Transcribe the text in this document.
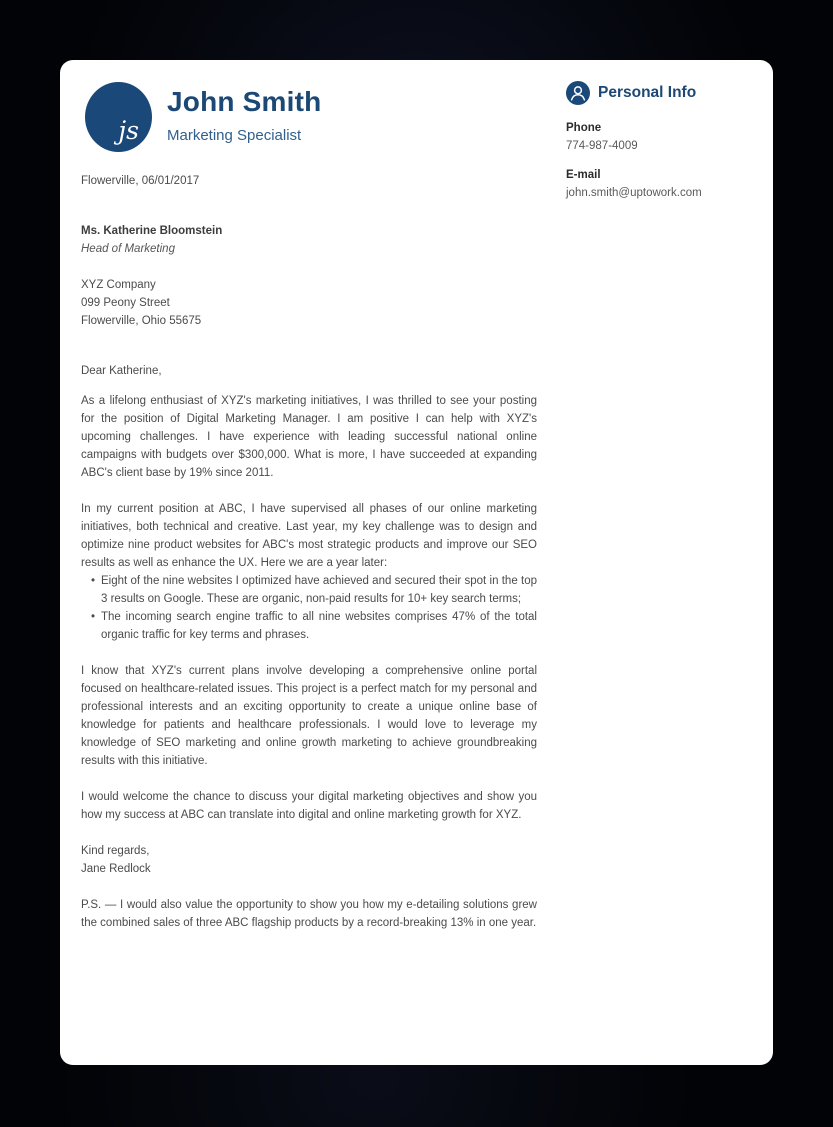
js
John Smith
Marketing Specialist
Personal Info
Phone
774-987-4009
E-mail
john.smith@uptowork.com

Flowerville, 06/01/2017

Ms. Katherine Bloomstein
Head of Marketing
XYZ Company
099 Peony Street
Flowerville, Ohio 55675

Dear Katherine,

As a lifelong enthusiast of XYZ's marketing initiatives, I was thrilled to see your posting for the position of Digital Marketing Manager. I am positive I can help with XYZ's upcoming challenges. I have experience with leading successful national online campaigns with budgets over $300,000. What is more, I have succeeded at expanding ABC's client base by 19% since 2011.

In my current position at ABC, I have supervised all phases of our online marketing initiatives, both technical and creative. Last year, my key challenge was to design and optimize nine product websites for ABC's most strategic products and improve our SEO results as well as enhance the UX. Here we are a year later:

• Eight of the nine websites I optimized have achieved and secured their spot in the top 3 results on Google. These are organic, non-paid results for 10+ key search terms;
• The incoming search engine traffic to all nine websites comprises 47% of the total organic traffic for key terms and phrases.

I know that XYZ's current plans involve developing a comprehensive online portal focused on healthcare-related issues. This project is a perfect match for my personal and professional interests and an exciting opportunity to create a unique online base of knowledge for patients and healthcare professionals. I would love to leverage my knowledge of SEO marketing and online growth marketing to achieve groundbreaking results with this initiative.

I would welcome the chance to discuss your digital marketing objectives and show you how my success at ABC can translate into digital and online marketing growth for XYZ.

Kind regards,
Jane Redlock

P.S. — I would also value the opportunity to show you how my e-detailing solutions grew the combined sales of three ABC flagship products by a record-breaking 13% in one year.
